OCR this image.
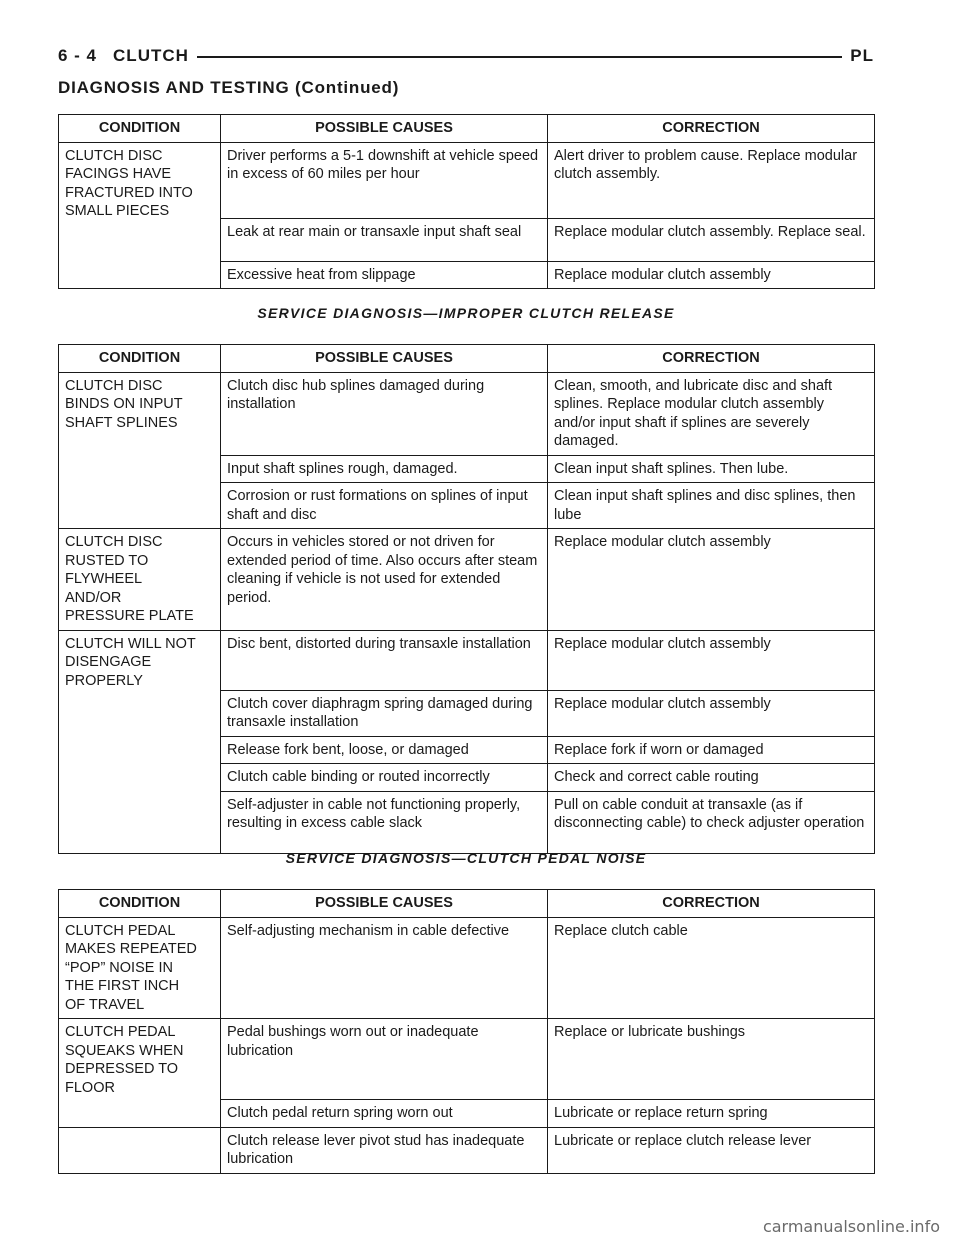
6 - 4 CLUTCH	PL
DIAGNOSIS AND TESTING (Continued)
CONDITION	POSSIBLE CAUSES	CORRECTION
CLUTCH DISC
FACINGS HAVE
FRACTURED INTO
SMALL PIECES	Driver performs a 5-1 downshift at vehicle speed in excess of 60 miles per hour	Alert driver to problem cause. Replace modular clutch assembly.
	Leak at rear main or transaxle input shaft seal	Replace modular clutch assembly. Replace seal.
	Excessive heat from slippage	Replace modular clutch assembly
SERVICE DIAGNOSIS—IMPROPER CLUTCH RELEASE
CONDITION	POSSIBLE CAUSES	CORRECTION
CLUTCH DISC
BINDS ON INPUT
SHAFT SPLINES	Clutch disc hub splines damaged during installation	Clean, smooth, and lubricate disc and shaft splines. Replace modular clutch assembly and/or input shaft if splines are severely damaged.
	Input shaft splines rough, damaged.	Clean input shaft splines. Then lube.
	Corrosion or rust formations on splines of input shaft and disc	Clean input shaft splines and disc splines, then lube
CLUTCH DISC
RUSTED TO
FLYWHEEL
AND/OR
PRESSURE PLATE	Occurs in vehicles stored or not driven for extended period of time. Also occurs after steam cleaning if vehicle is not used for extended period.	Replace modular clutch assembly
CLUTCH WILL NOT
DISENGAGE
PROPERLY	Disc bent, distorted during transaxle installation	Replace modular clutch assembly
	Clutch cover diaphragm spring damaged during transaxle installation	Replace modular clutch assembly
	Release fork bent, loose, or damaged	Replace fork if worn or damaged
	Clutch cable binding or routed incorrectly	Check and correct cable routing
	Self-adjuster in cable not functioning properly, resulting in excess cable slack	Pull on cable conduit at transaxle (as if disconnecting cable) to check adjuster operation
SERVICE DIAGNOSIS—CLUTCH PEDAL NOISE
CONDITION	POSSIBLE CAUSES	CORRECTION
CLUTCH PEDAL
MAKES REPEATED
“POP” NOISE IN
THE FIRST INCH
OF TRAVEL	Self-adjusting mechanism in cable defective	Replace clutch cable
CLUTCH PEDAL
SQUEAKS WHEN
DEPRESSED TO
FLOOR	Pedal bushings worn out or inadequate lubrication	Replace or lubricate bushings
	Clutch pedal return spring worn out	Lubricate or replace return spring
	Clutch release lever pivot stud has inadequate lubrication	Lubricate or replace clutch release lever
carmanualsonline.info
